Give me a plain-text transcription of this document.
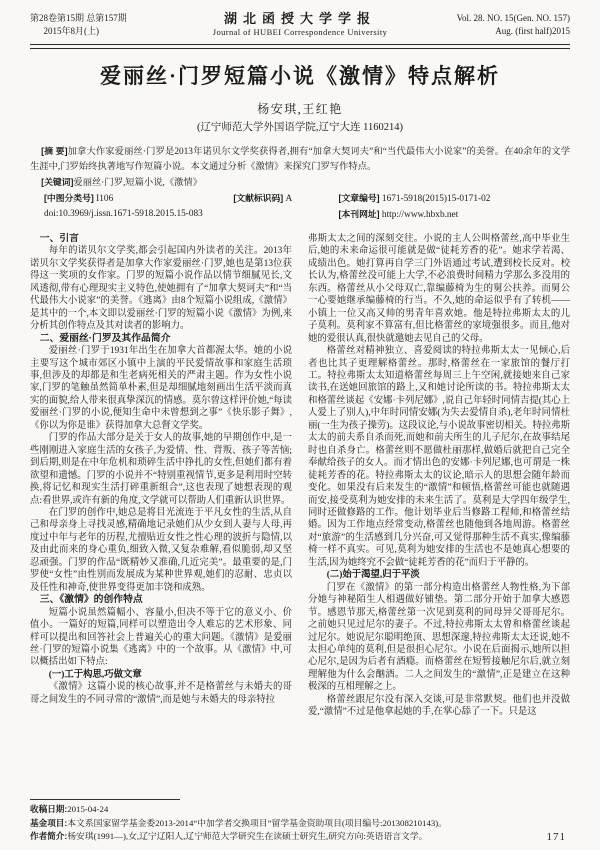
第28卷第15期 总第157期
2015年8月(上)
湖北函授大学学报
Journal of HUBEI Correspondence University
Vol. 28. NO. 15(Gen. NO. 157)
Aug. (first half)2015
爱丽丝·门罗短篇小说《激情》特点解析
杨安琪,王红艳
(辽宁师范大学外国语学院,辽宁大连 1160214)

[摘 要]加拿大作家爱丽丝·门罗是2013年诺贝尔文学奖获得者,拥有“加拿大契诃夫”和“当代最伟大小说家”的美誉。在40余年的文学生涯中,门罗始终执著地写作短篇小说。本文通过分析《激情》来探究门罗写作特点。

[关键词]爱丽丝·门罗,短篇小说,《激情》

[中图分类号] I106	[文献标识码] A	[文章编号] 1671-5918(2015)15-0171-02
doi:10.3969/j.issn.1671-5918.2015.15-083	[本刊网址] http://www.hbxb.net
一、引言

每年的诺贝尔文学奖,都会引起国内外读者的关注。2013年诺贝尔文学奖获得者是加拿大作家爱丽丝·门罗,她也是第13位获得这一奖项的女作家。门罗的短篇小说作品以情节细腻见长,文风透彻,带有心理现实主义特色,使她拥有了“加拿大契诃夫”和“当代最伟大小说家”的美誉。《逃离》由8个短篇小说组成,《激情》是其中的一个,本文即以爱丽丝·门罗的短篇小说《激情》为例,来分析其创作特点及其对读者的影响力。

二、爱丽丝·门罗及其作品简介

爱丽丝·门罗于1931年出生在加拿大首都渥太华。她的小说主要写这个城市郊区小镇中上演的平民爱情故事和家庭生活琐事,但涉及的却都是和生老病死相关的严肃主题。作为女性小说家,门罗的笔触虽然简单朴素,但是却细腻地刻画出生活平淡而真实的面貌,给人带来很真挚深沉的情感。莫尔曾这样评价她,“每读爱丽丝·门罗的小说,便知生命中未曾想到之事”《快乐影子舞》,《你以为你是谁》获得加拿大总督文学奖。

门罗的作品大部分是关于女人的故事,她的早期创作中,是一些刚刚进入家庭生活的女孩子,为爱情、性、背叛、孩子等苦恼;到后期,则是在中年危机和琐碎生活中挣扎的女性,但她们都有着欲望和遗憾。门罗的小说并不“特别重视情节,更多是利用时空转换,将记忆和现实生活打碎重新组合”,这也表现了她想表现的观点:看世界,或许有新的角度,文学就可以帮助人们重新认识世界。

在门罗的创作中,她总是将目光流连于平凡女性的生活,从自己和母亲身上寻找灵感,精确地记录她们从少女到人妻与人母,再度过中年与老年的历程,尤擅贴近女性之性心理的波折与隐情,以及由此而来的身心重负,细致入微,又复杂难解,看似脆弱,却又坚忍顽强。门罗的作品“既精妙又准确,几近完美”。最重要的是,门罗使“女性”由性别而发展成为某种世界观,她们的忍耐、忠贞以及任性和神奇,使世界变得更加丰饶和成熟。

三、《激情》的创作特点

短篇小说虽然篇幅小、容量小,但决不等于它的意义小、价值小。一篇好的短篇,同样可以塑造出令人难忘的艺术形象、同样可以提出和回答社会上普遍关心的重大问题。《激情》是爱丽丝·门罗的短篇小说集《逃离》中的一个故事。从《激情》中,可以概括出如下特点:

(一)工于构思,巧做文章

《激情》这篇小说的核心故事,并不是格蕾丝与未婚夫的哥哥之间发生的不同寻常的“激情”,而是她与未婚夫的母亲特拉

弗斯太太之间的深刻交往。小说的主人公叫格蕾丝,高中毕业生后,她的未来命运很可能就是做“徒耗芳香的花”。她求学若渴、成绩出色。她打算再自学三门外语通过考试,遭到校长反对。校长认为,格蕾丝没可能上大学,不必浪费时间精力学那么多没用的东西。格蕾丝从小父母双亡,靠编藤椅为生的舅公扶养。而舅公一心要她继承编藤椅的行当。不久,她的命运似乎有了转机——小镇上一位又高又帅的男青年喜欢她。他是特拉弗斯太太的儿子莫利。莫利家不算富有,但比格蕾丝的家境强很多。而且,他对她的爱很认真,很快就邀她去见自己的父母。

格蕾丝对精神独立、喜爱阅读的特拉弗斯太太一见倾心,后者也比其子更理解格蕾丝。那时,格蕾丝在一家旅馆的餐厅打工。特拉弗斯太太知道格蕾丝每周三上午空闲,就接她来自己家读书,在送她回旅馆的路上,又和她讨论所读的书。特拉弗斯太太和格蕾丝谈起《安娜·卡列尼娜》,说自己年轻时同情吉提(其心上人爱上了别人),中年时同情安娜(为失去爱情自杀),老年时同情杜丽(一生为孩子操劳)。这段议论,与小说故事密切相关。特拉弗斯太太的前夫系自杀而死,而她和前夫所生的儿子尼尔,在故事结尾时也自杀身亡。格蕾丝则不愿做杜丽那样,做婚后就把自己完全奉献给孩子的女人。而才情出色的安娜·卡列尼娜,也可谓是一株徒耗芳香的花。特拉弗斯太太的议论,暗示人的思想会随年龄而变化。如果没有后来发生的“激情”和顿悟,格蕾丝可能也就随遇而安,接受莫利为她安排的未来生活了。莫利是大学四年级学生,同时还做修路的工作。他计划毕业后当修路工程师,和格蕾丝结婚。因为工作地点经常变动,格蕾丝也随他到各地周游。格蕾丝对“旅游”的生活感到几分兴奋,可又觉得那种生活不真实,像编藤椅一样不真实。可见,莫利为她安排的生活也不是她真心想要的生活,因为她终究不会做“徒耗芳香的花”而归于平静的。

(二)始于渴望,归于平淡

门罗在《激情》的第一部分构造出格蕾丝人物性格,为下部分她与神秘陌生人相遇做好铺垫。第二部分开始于加拿大感恩节。感恩节那天,格蕾丝第一次见到莫利的同母异父哥哥尼尔。之前她只见过尼尔的妻子。不过,特拉弗斯太太曾和格蕾丝谈起过尼尔。她说尼尔聪明绝顶、思想深邃,特拉弗斯太太还说,她不太担心单纯的莫利,但是很担心尼尔。小说在后面揭示,她所以担心尼尔,是因为后者有酒瘾。而格蕾丝在短暂接触尼尔后,就立刻理解他为什么会酗酒。二人之间发生的“激情”,正是建立在这种极深的互相理解之上。

格蕾丝跟尼尔没有深入交谈,可是非常默契。他们也并没做爱,“激情”不过是他拿起她的手,在掌心舔了一下。只是这

收稿日期:2015-04-24

基金项目:本文系国家留学基金委2013-2014“中加学者交换项目”留学基金资助项目(项目编号:201308210143)。

作者简介:杨安琪(1991—),女,辽宁辽阳人,辽宁师范大学研究生在读硕士研究生,研究方向:英语语言文学。	171
